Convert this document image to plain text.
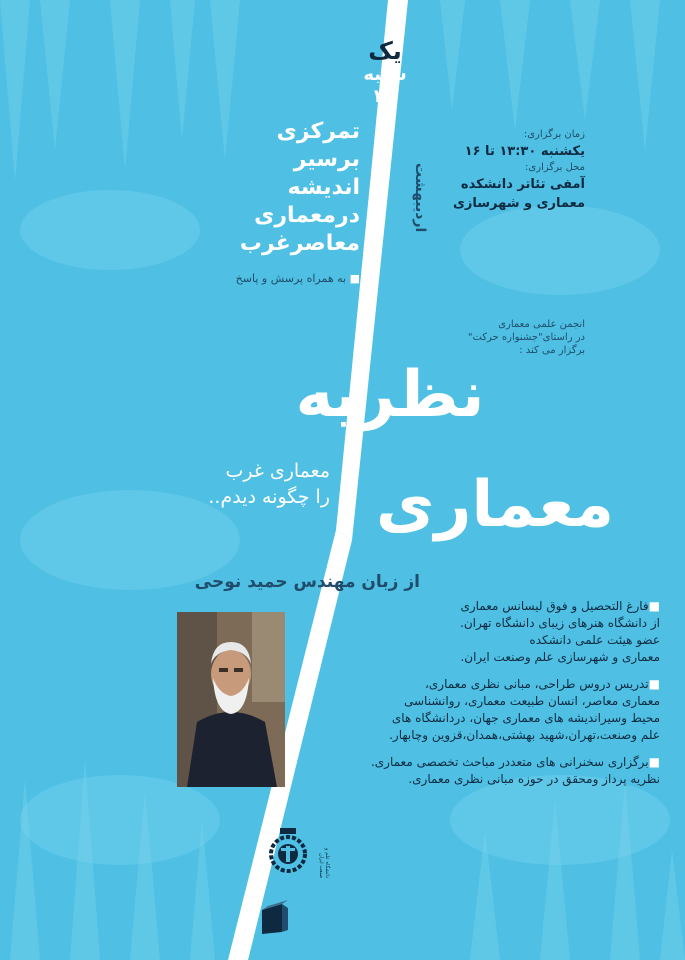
یک
شنبه
۲۲
اردیبهشت
تمرکزی
برسیر
اندیشه
درمعماری
معاصرغرب
■ به همراه پرسش و پاسخ
زمان برگزاری:
یکشنبه ۱۳:۳۰ تا ۱۶
محل برگزاری:
آمفی تئاتر دانشکده
معماری و شهرسازی
انجمن علمی معماری
در راستای"جشنواره حرکت"
برگزار می کند :
نظریه
معماری
معماری غرب
را چگونه دیدم..
از زبان مهندس حمید نوحی
■فارغ التحصیل و فوق لیسانس معماری
از دانشگاه هنرهای زیبای دانشگاه تهران.
عضو هیئت علمی دانشکده
معماری و شهرسازی علم وصنعت ایران.
■تدریس دروس طراحی، مبانی نظری معماری،
معماری معاصر، انسان طبیعت معماری، روانشناسی
محیط وسیراندیشه های معماری جهان، دردانشگاه های
علم وصنعت،تهران،شهید بهشتی،همدان،قزوین وچابهار.
■برگزاری سخنرانی های متعددر مباحث تخصصی معماری.
نظریه پرداز ومحقق در حوزه مبانی نظری معماری.
دانشگاه علم و صنعت ایران
